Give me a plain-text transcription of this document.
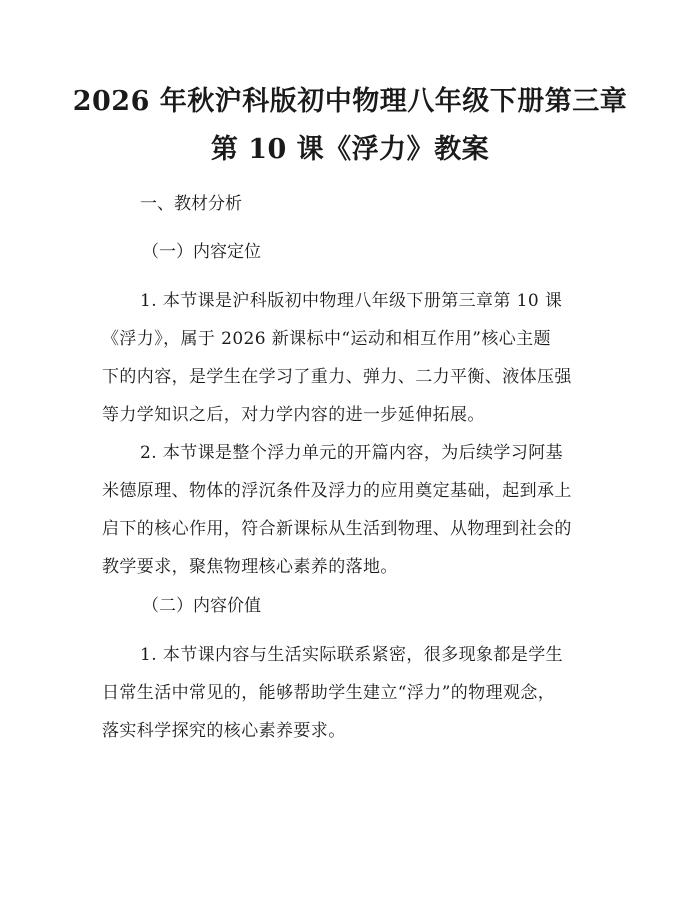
2026 年秋沪科版初中物理八年级下册第三章
第 10 课《浮力》教案
一、教材分析
（一）内容定位
1. 本节课是沪科版初中物理八年级下册第三章第 10 课
《浮力》，属于 2026 新课标中“运动和相互作用”核心主题
下的内容，是学生在学习了重力、弹力、二力平衡、液体压强
等力学知识之后，对力学内容的进一步延伸拓展。
2. 本节课是整个浮力单元的开篇内容，为后续学习阿基
米德原理、物体的浮沉条件及浮力的应用奠定基础，起到承上
启下的核心作用，符合新课标从生活到物理、从物理到社会的
教学要求，聚焦物理核心素养的落地。
（二）内容价值
1. 本节课内容与生活实际联系紧密，很多现象都是学生
日常生活中常见的，能够帮助学生建立“浮力”的物理观念，
落实科学探究的核心素养要求。
